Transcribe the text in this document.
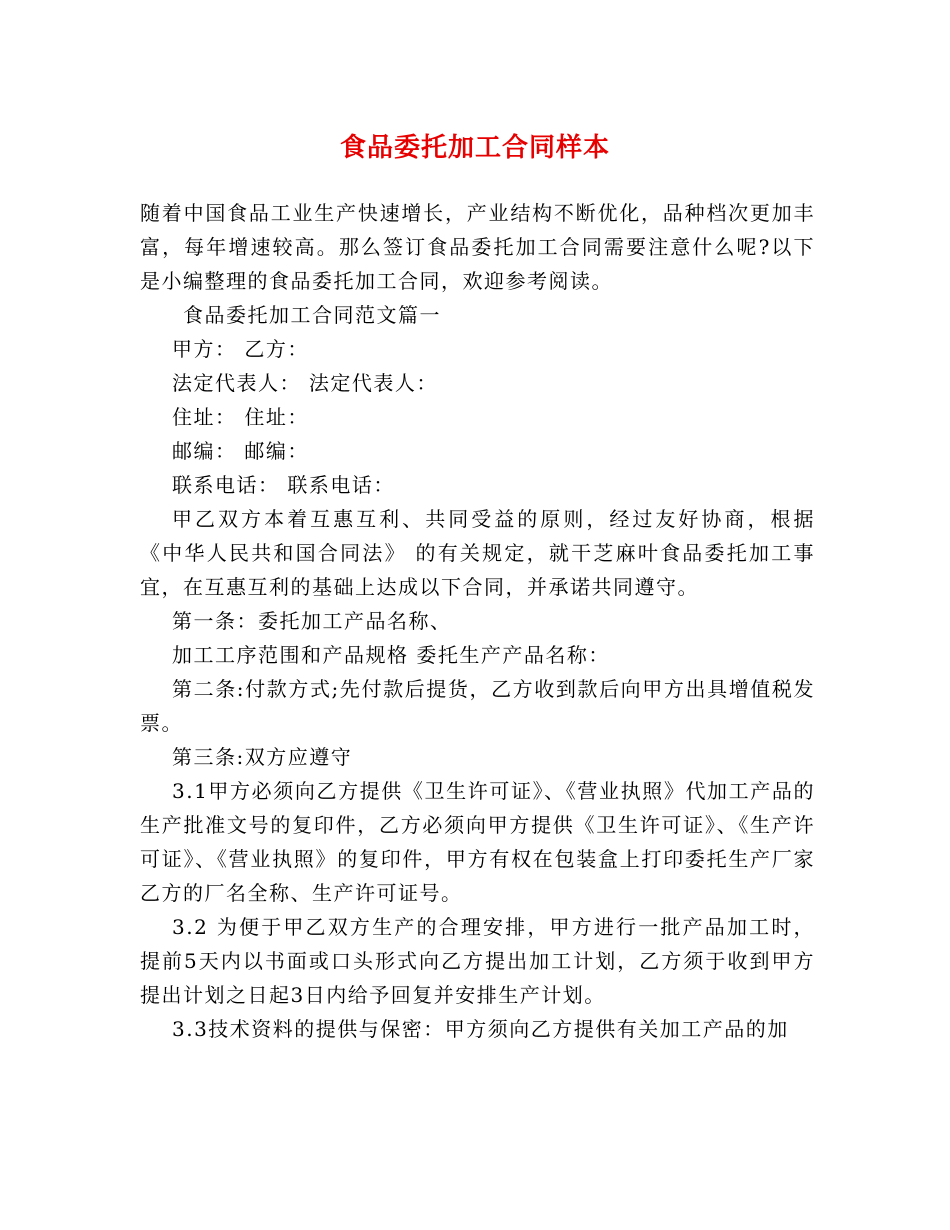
食品委托加工合同样本

随着中国食品工业生产快速增长，产业结构不断优化，品种档次更加丰富，每年增速较高。那么签订食品委托加工合同需要注意什么呢?以下是小编整理的食品委托加工合同，欢迎参考阅读。

食品委托加工合同范文篇一

甲方： 乙方：

法定代表人： 法定代表人：

住址： 住址：

邮编： 邮编：

联系电话： 联系电话：

甲乙双方本着互惠互利、共同受益的原则，经过友好协商，根据《中华人民共和国合同法》 的有关规定，就干芝麻叶食品委托加工事宜，在互惠互利的基础上达成以下合同，并承诺共同遵守。

第一条：委托加工产品名称、

加工工序范围和产品规格 委托生产产品名称：

第二条:付款方式;先付款后提货，乙方收到款后向甲方出具增值税发票。

第三条:双方应遵守

3.1甲方必须向乙方提供《卫生许可证》、《营业执照》代加工产品的生产批准文号的复印件，乙方必须向甲方提供《卫生许可证》、《生产许可证》、《营业执照》的复印件，甲方有权在包装盒上打印委托生产厂家乙方的厂名全称、生产许可证号。

3.2 为便于甲乙双方生产的合理安排，甲方进行一批产品加工时，提前5天内以书面或口头形式向乙方提出加工计划，乙方须于收到甲方提出计划之日起3日内给予回复并安排生产计划。

3.3技术资料的提供与保密：甲方须向乙方提供有关加工产品的加
